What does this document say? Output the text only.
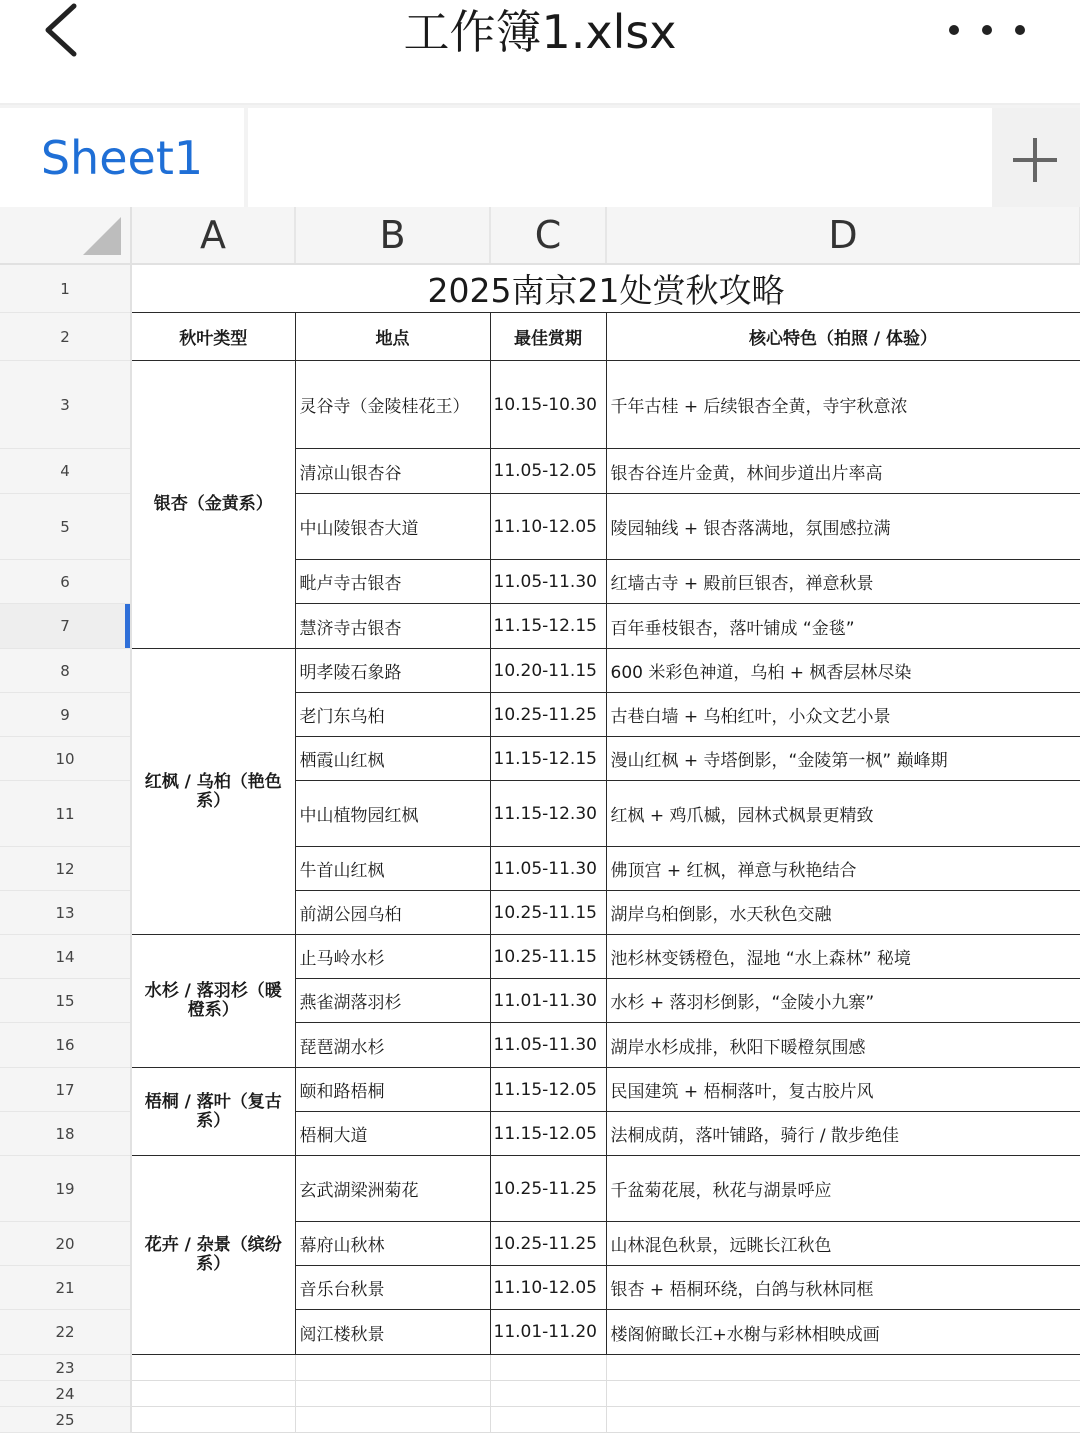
工作簿1.xlsx
Sheet1
	A	B	C	D
1	2025南京21处赏秋攻略			
2	秋叶类型	地点	最佳赏期	核心特色（拍照 / 体验）
3	银杏（金黄系）	灵谷寺（金陵桂花王）	10.15-10.30	千年古桂 + 后续银杏全黄，寺宇秋意浓
4		清凉山银杏谷	11.05-12.05	银杏谷连片金黄，林间步道出片率高
5		中山陵银杏大道	11.10-12.05	陵园轴线 + 银杏落满地，氛围感拉满
6		毗卢寺古银杏	11.05-11.30	红墙古寺 + 殿前巨银杏，禅意秋景
7		慧济寺古银杏	11.15-12.15	百年垂枝银杏，落叶铺成 “金毯”
8	红枫 / 乌桕（艳色系）	明孝陵石象路	10.20-11.15	600 米彩色神道，乌桕 + 枫香层林尽染
9		老门东乌桕	10.25-11.25	古巷白墙 + 乌桕红叶，小众文艺小景
10		栖霞山红枫	11.15-12.15	漫山红枫 + 寺塔倒影，“金陵第一枫” 巅峰期
11		中山植物园红枫	11.15-12.30	红枫 + 鸡爪槭，园林式枫景更精致
12		牛首山红枫	11.05-11.30	佛顶宫 + 红枫，禅意与秋艳结合
13		前湖公园乌桕	10.25-11.15	湖岸乌桕倒影，水天秋色交融
14	水杉 / 落羽杉（暖橙系）	止马岭水杉	10.25-11.15	池杉林变锈橙色，湿地 “水上森林” 秘境
15		燕雀湖落羽杉	11.01-11.30	水杉 + 落羽杉倒影，“金陵小九寨”
16		琵琶湖水杉	11.05-11.30	湖岸水杉成排，秋阳下暖橙氛围感
17	梧桐 / 落叶（复古系）	颐和路梧桐	11.15-12.05	民国建筑 + 梧桐落叶，复古胶片风
18		梧桐大道	11.15-12.05	法桐成荫，落叶铺路，骑行 / 散步绝佳
19	花卉 / 杂景（缤纷系）	玄武湖梁洲菊花	10.25-11.25	千盆菊花展，秋花与湖景呼应
20		幕府山秋林	10.25-11.25	山林混色秋景，远眺长江秋色
21		音乐台秋景	11.10-12.05	银杏 + 梧桐环绕，白鸽与秋林同框
22		阅江楼秋景	11.01-11.20	楼阁俯瞰长江+水榭与彩林相映成画
23				
24				
25				
